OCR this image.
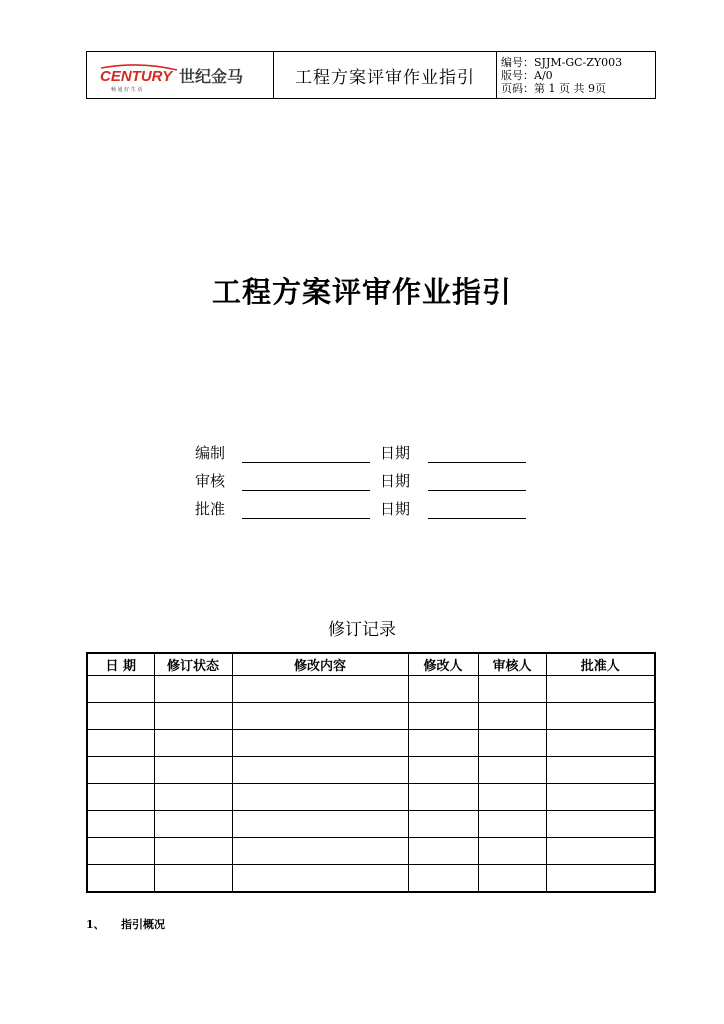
CENTURY 世纪金马
畅 通 好 生 活
工程方案评审作业指引
编号：SJJM-GC-ZY003
版号：A/0
页码：第 1 页 共 9页
工程方案评审作业指引
编制	日期
审核	日期
批准	日期
修订记录
日 期	修订状态	修改内容	修改人	审核人	批准人

1、 指引概况
